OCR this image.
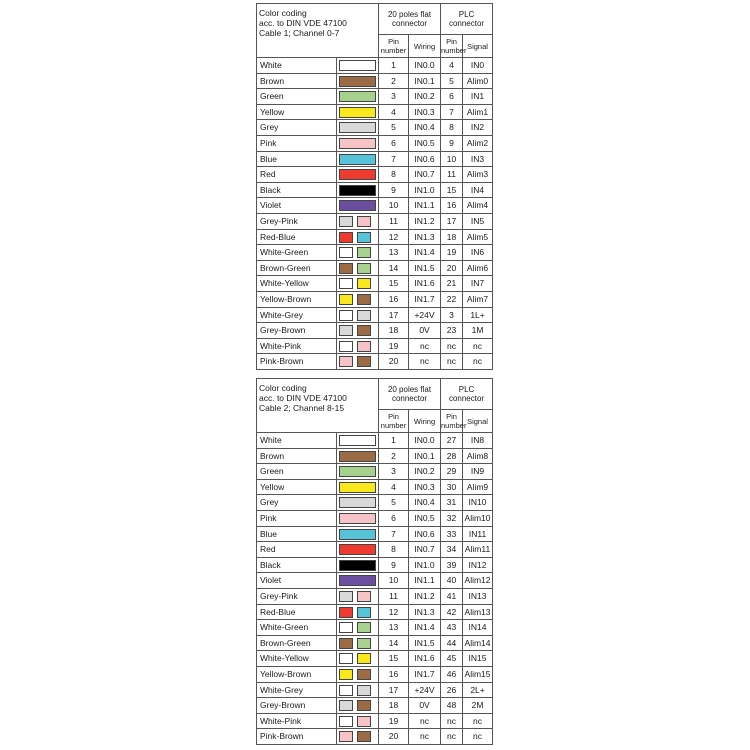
Color coding
acc. to DIN VDE 47100
Cable 1; Channel 0-7		20 poles flat connector		PLC connector	
		Pin number	Wiring	Pin number	Signal
White		1	IN0.0	4	IN0
Brown		2	IN0.1	5	Alim0
Green		3	IN0.2	6	IN1
Yellow		4	IN0.3	7	Alim1
Grey		5	IN0.4	8	IN2
Pink		6	IN0.5	9	Alim2
Blue		7	IN0.6	10	IN3
Red		8	IN0.7	11	Alim3
Black		9	IN1.0	15	IN4
Violet		10	IN1.1	16	Alim4
Grey-Pink		11	IN1.2	17	IN5
Red-Blue		12	IN1.3	18	Alim5
White-Green		13	IN1.4	19	IN6
Brown-Green		14	IN1.5	20	Alim6
White-Yellow		15	IN1.6	21	IN7
Yellow-Brown		16	IN1.7	22	Alim7
White-Grey		17	+24V	3	1L+
Grey-Brown		18	0V	23	1M
White-Pink		19	nc	nc	nc
Pink-Brown		20	nc	nc	nc
Color coding
acc. to DIN VDE 47100
Cable 2; Channel 8-15		20 poles flat connector		PLC connector	
		Pin number	Wiring	Pin number	Signal
White		1	IN0.0	27	IN8
Brown		2	IN0.1	28	Alim8
Green		3	IN0.2	29	IN9
Yellow		4	IN0.3	30	Alim9
Grey		5	IN0.4	31	IN10
Pink		6	IN0.5	32	Alim10
Blue		7	IN0.6	33	IN11
Red		8	IN0.7	34	Alim11
Black		9	IN1.0	39	IN12
Violet		10	IN1.1	40	Alim12
Grey-Pink		11	IN1.2	41	IN13
Red-Blue		12	IN1.3	42	Alim13
White-Green		13	IN1.4	43	IN14
Brown-Green		14	IN1.5	44	Alim14
White-Yellow		15	IN1.6	45	IN15
Yellow-Brown		16	IN1.7	46	Alim15
White-Grey		17	+24V	26	2L+
Grey-Brown		18	0V	48	2M
White-Pink		19	nc	nc	nc
Pink-Brown		20	nc	nc	nc
